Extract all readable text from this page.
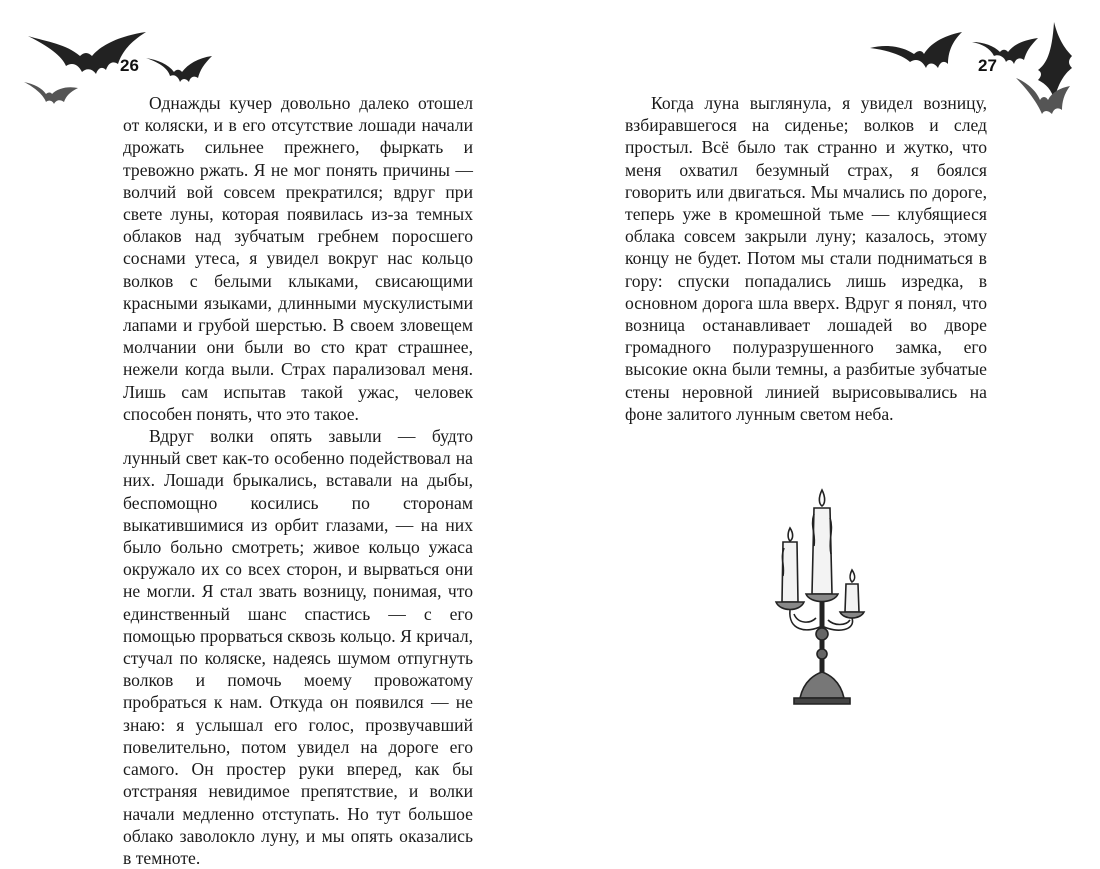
26

Однажды кучер довольно далеко отошел от коляски, и в его отсутствие лошади начали дрожать сильнее прежнего, фыркать и тревожно ржать. Я не мог понять причины — волчий вой совсем прекратился; вдруг при свете луны, которая появилась из-за темных облаков над зубчатым гребнем поросшего соснами утеса, я увидел вокруг нас кольцо волков с белыми клыками, свисающими красными языками, длинными мускулистыми лапами и грубой шерстью. В своем зловещем молчании они были во сто крат страшнее, нежели когда выли. Страх парализовал меня. Лишь сам испытав такой ужас, человек способен понять, что это такое.

Вдруг волки опять завыли — будто лунный свет как-то особенно подействовал на них. Лошади брыкались, вставали на дыбы, беспомощно косились по сторонам выкатившимися из орбит глазами, — на них было больно смотреть; живое кольцо ужаса окружало их со всех сторон, и вырваться они не могли. Я стал звать возницу, понимая, что единственный шанс спастись — с его помощью прорваться сквозь кольцо. Я кричал, стучал по коляске, надеясь шумом отпугнуть волков и помочь моему провожатому пробраться к нам. Откуда он появился — не знаю: я услышал его голос, прозвучавший повелительно, потом увидел на дороге его самого. Он простер руки вперед, как бы отстраняя невидимое препятствие, и волки начали медленно отступать. Но тут большое облако заволокло луну, и мы опять оказались в темноте.

27

Когда луна выглянула, я увидел возницу, взбиравшегося на сиденье; волков и след простыл. Всё было так странно и жутко, что меня охватил безумный страх, я боялся говорить или двигаться. Мы мчались по дороге, теперь уже в кромешной тьме — клубящиеся облака совсем закрыли луну; казалось, этому концу не будет. Потом мы стали подниматься в гору: спуски попадались лишь изредка, в основном дорога шла вверх. Вдруг я понял, что возница останавливает лошадей во дворе громадного полуразрушенного замка, его высокие окна были темны, а разбитые зубчатые стены неровной линией вырисовывались на фоне залитого лунным светом неба.
